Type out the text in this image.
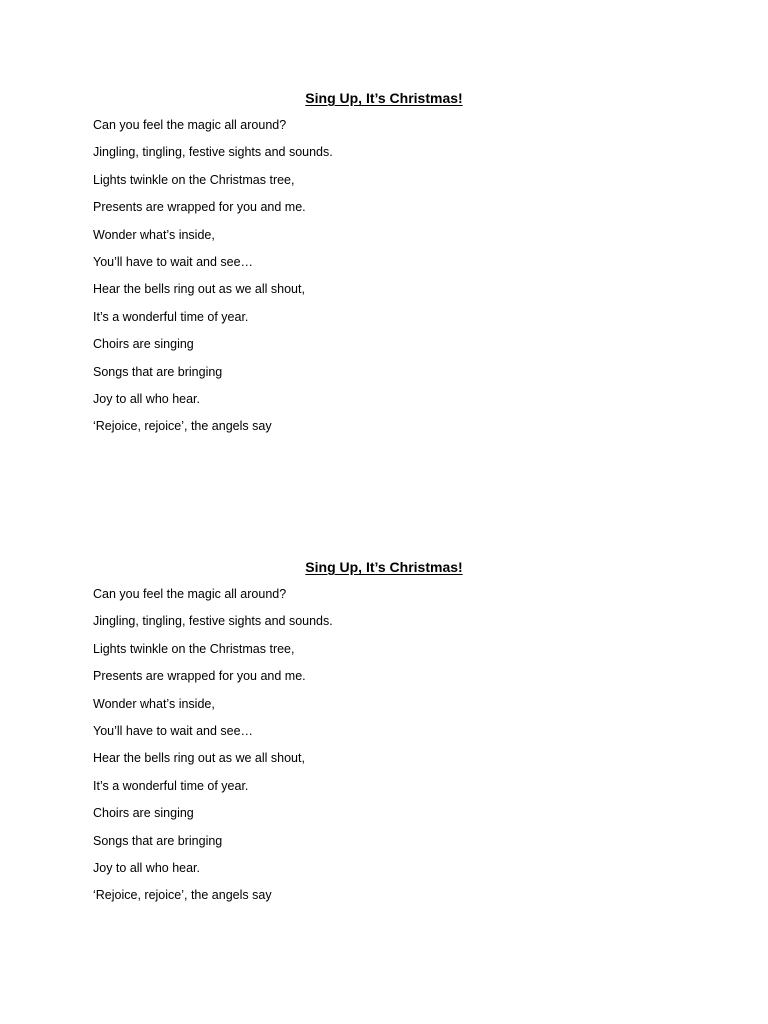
Sing Up, It’s Christmas!
Can you feel the magic all around?
Jingling, tingling, festive sights and sounds.
Lights twinkle on the Christmas tree,
Presents are wrapped for you and me.
Wonder what’s inside,
You’ll have to wait and see…
Hear the bells ring out as we all shout,
It’s a wonderful time of year.
Choirs are singing
Songs that are bringing
Joy to all who hear.
‘Rejoice, rejoice’, the angels say
Sing Up, It’s Christmas!
Can you feel the magic all around?
Jingling, tingling, festive sights and sounds.
Lights twinkle on the Christmas tree,
Presents are wrapped for you and me.
Wonder what’s inside,
You’ll have to wait and see…
Hear the bells ring out as we all shout,
It’s a wonderful time of year.
Choirs are singing
Songs that are bringing
Joy to all who hear.
‘Rejoice, rejoice’, the angels say
